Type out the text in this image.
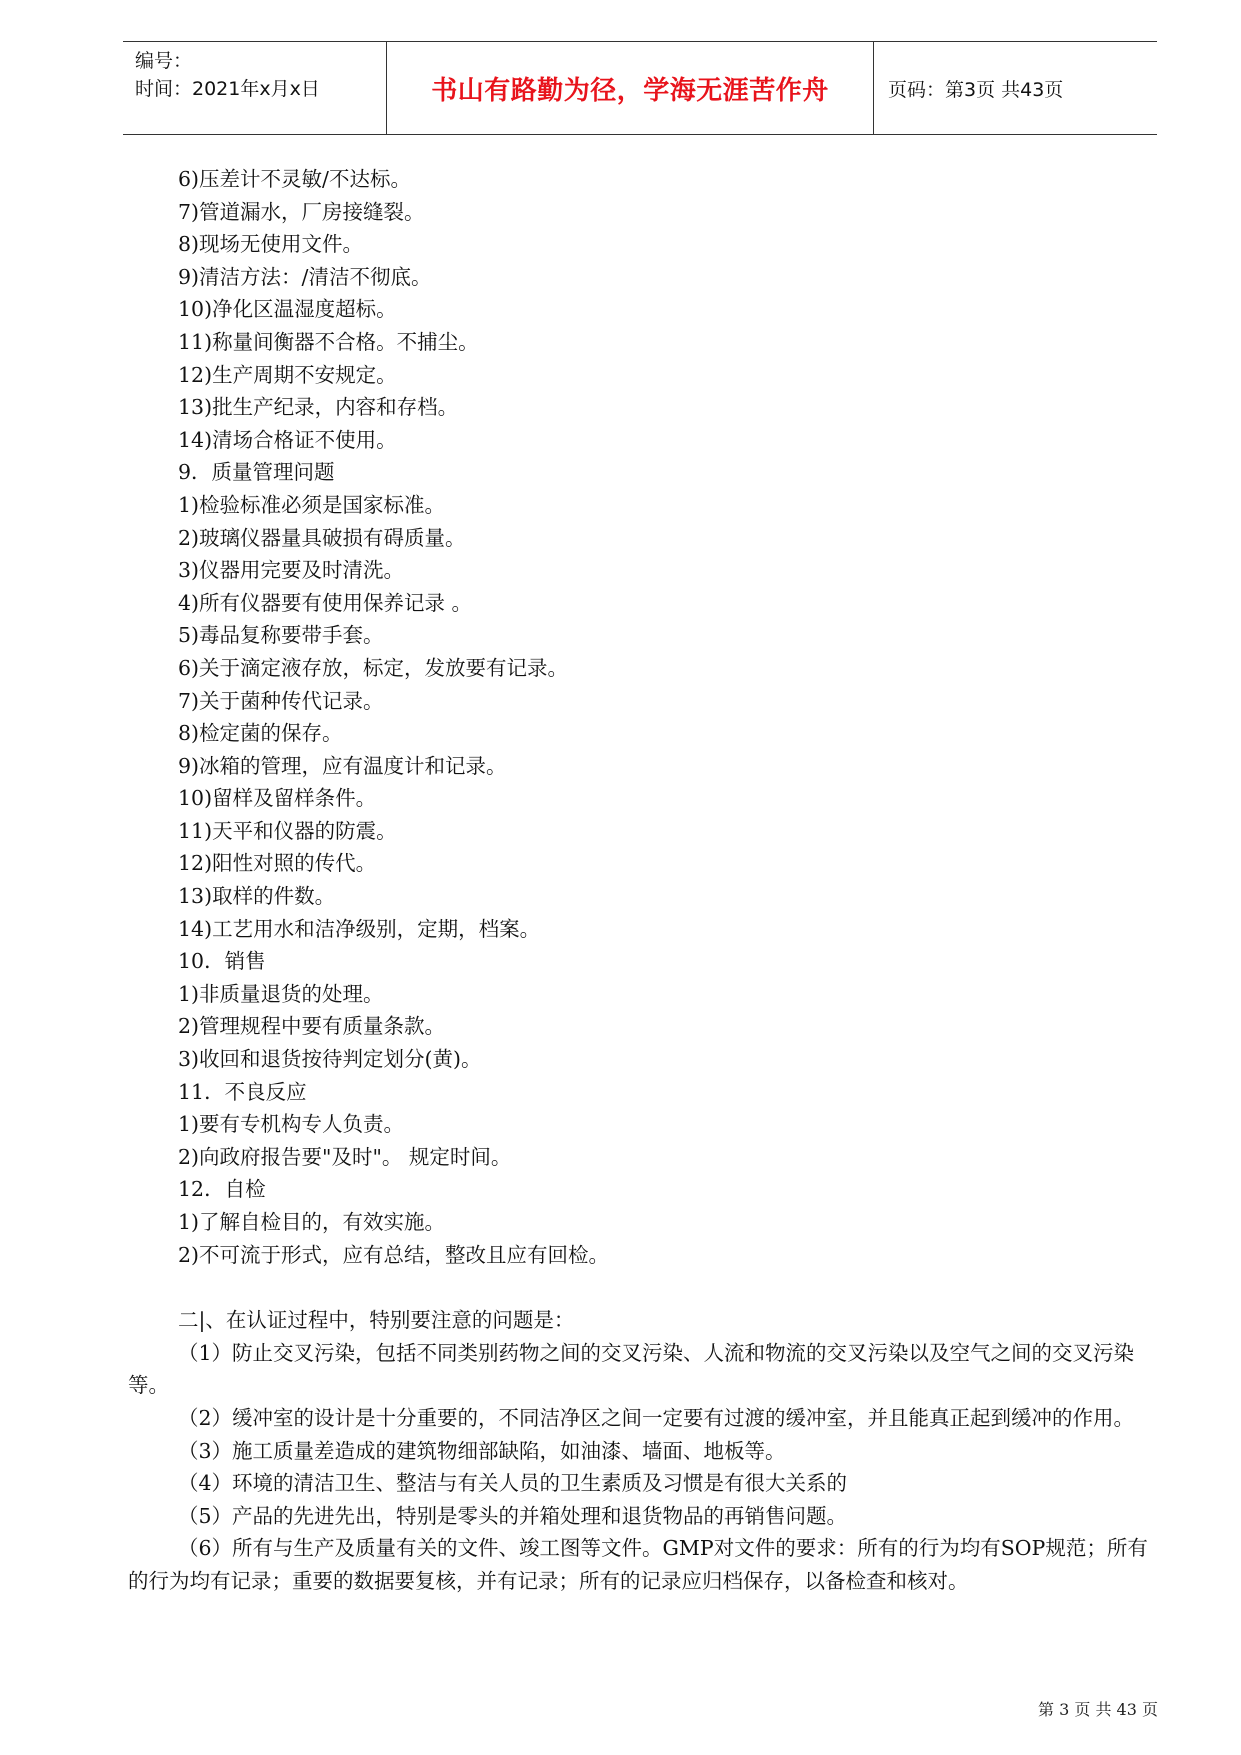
编号：
时间：2021年x月x日	书山有路勤为径，学海无涯苦作舟	页码：第3页 共43页
6)压差计不灵敏/不达标。
7)管道漏水，厂房接缝裂。
8)现场无使用文件。
9)清洁方法：/清洁不彻底。
10)净化区温湿度超标。
11)称量间衡器不合格。不捕尘。
12)生产周期不安规定。
13)批生产纪录，内容和存档。
14)清场合格证不使用。
9．质量管理问题
1)检验标准必须是国家标准。
2)玻璃仪器量具破损有碍质量。
3)仪器用完要及时清洗。
4)所有仪器要有使用保养记录 。
5)毒品复称要带手套。
6)关于滴定液存放，标定，发放要有记录。
7)关于菌种传代记录。
8)检定菌的保存。
9)冰箱的管理，应有温度计和记录。
10)留样及留样条件。
11)天平和仪器的防震。
12)阳性对照的传代。
13)取样的件数。
14)工艺用水和洁净级别，定期，档案。
10．销售
1)非质量退货的处理。
2)管理规程中要有质量条款。
3)收回和退货按待判定划分(黄)。
11．不良反应
1)要有专机构专人负责。
2)向政府报告要"及时"。 规定时间。
12．自检
1)了解自检目的，有效实施。
2)不可流于形式，应有总结，整改且应有回检。
二|、在认证过程中，特别要注意的问题是：
（1）防止交叉污染，包括不同类别药物之间的交叉污染、人流和物流的交叉污染以及空气之间的交叉污染等。
（2）缓冲室的设计是十分重要的，不同洁净区之间一定要有过渡的缓冲室，并且能真正起到缓冲的作用。
（3）施工质量差造成的建筑物细部缺陷，如油漆、墙面、地板等。
（4）环境的清洁卫生、整洁与有关人员的卫生素质及习惯是有很大关系的
（5）产品的先进先出，特别是零头的并箱处理和退货物品的再销售问题。
（6）所有与生产及质量有关的文件、竣工图等文件。GMP对文件的要求：所有的行为均有SOP规范；所有的行为均有记录；重要的数据要复核，并有记录；所有的记录应归档保存，以备检查和核对。
第 3 页 共 43 页
